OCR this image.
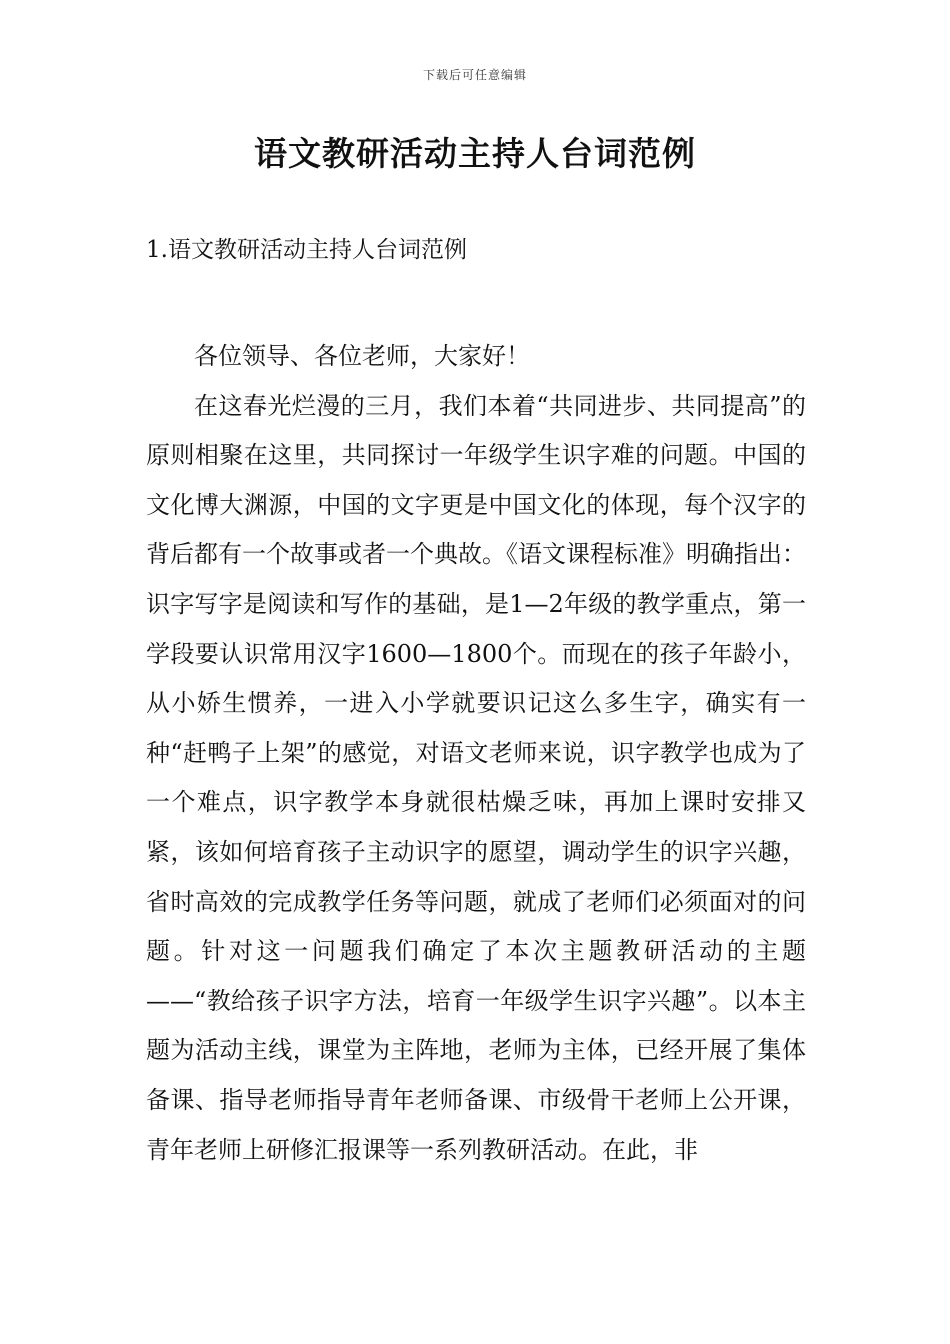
下载后可任意编辑
语文教研活动主持人台词范例
1.语文教研活动主持人台词范例

各位领导、各位老师，大家好！

在这春光烂漫的三月，我们本着“共同进步、共同提高”的原则相聚在这里，共同探讨一年级学生识字难的问题。中国的文化博大渊源，中国的文字更是中国文化的体现，每个汉字的背后都有一个故事或者一个典故。《语文课程标准》明确指出：识字写字是阅读和写作的基础，是1—2年级的教学重点，第一学段要认识常用汉字1600—1800个。而现在的孩子年龄小，从小娇生惯养，一进入小学就要识记这么多生字，确实有一种“赶鸭子上架”的感觉，对语文老师来说，识字教学也成为了一个难点，识字教学本身就很枯燥乏味，再加上课时安排又紧，该如何培育孩子主动识字的愿望，调动学生的识字兴趣，省时高效的完成教学任务等问题，就成了老师们必须面对的问题。针对这一问题我们确定了本次主题教研活动的主题——“教给孩子识字方法，培育一年级学生识字兴趣”。以本主题为活动主线，课堂为主阵地，老师为主体，已经开展了集体备课、指导老师指导青年老师备课、市级骨干老师上公开课，青年老师上研修汇报课等一系列教研活动。在此，非
